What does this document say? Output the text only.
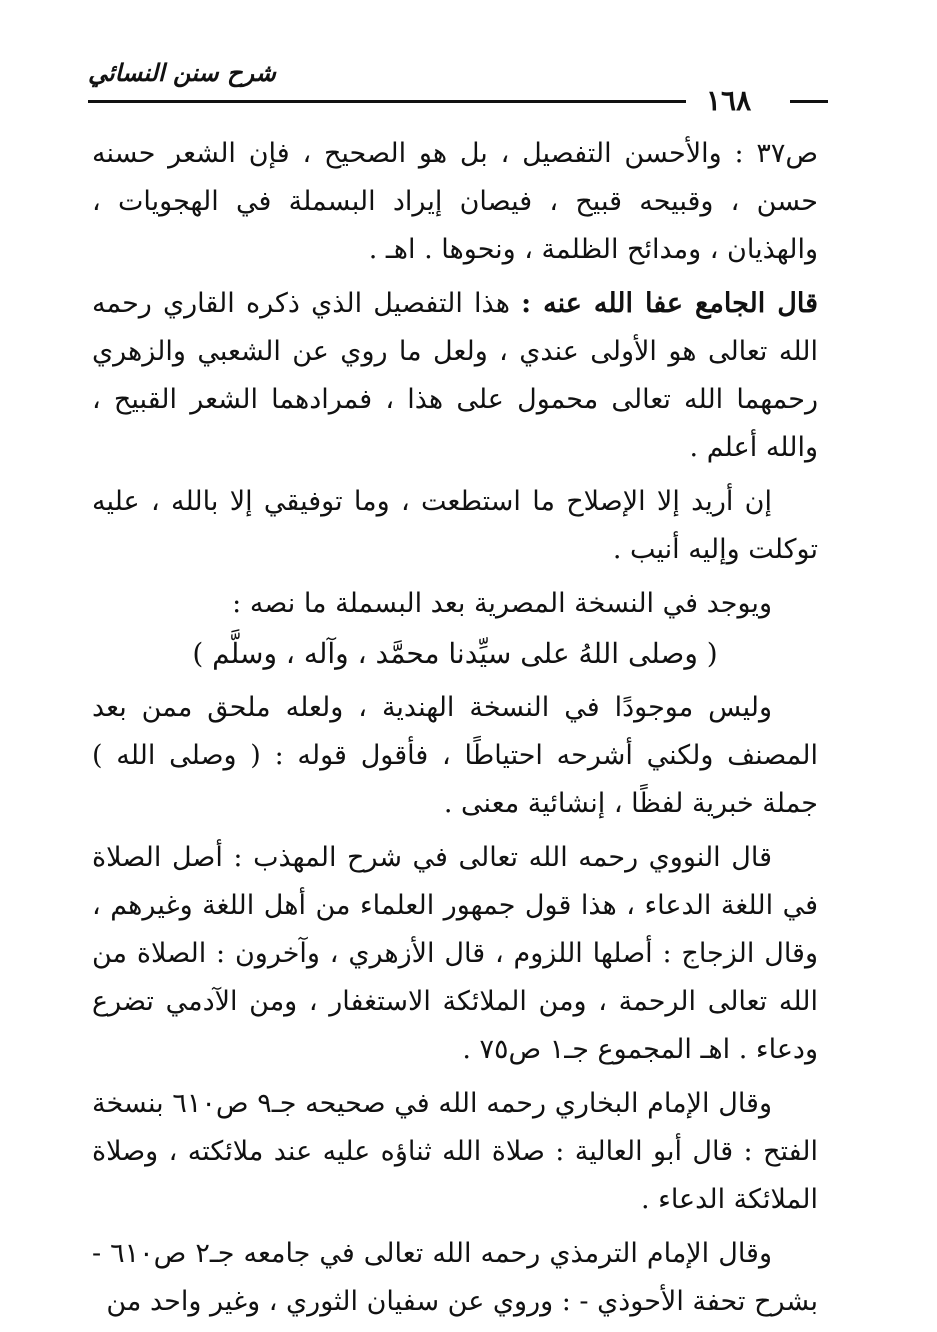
شرح سنن النسائي
١٦٨

ص٣٧ : والأحسن التفصيل ، بل هو الصحيح ، فإن الشعر حسنه حسن ، وقبيحه قبيح ، فيصان إيراد البسملة في الهجويات ، والهذيان ، ومدائح الظلمة ، ونحوها . اهـ .

قال الجامع عفا الله عنه : هذا التفصيل الذي ذكره القاري رحمه الله تعالى هو الأولى عندي ، ولعل ما روي عن الشعبي والزهري رحمهما الله تعالى محمول على هذا ، فمرادهما الشعر القبيح ، والله أعلم .

إن أريد إلا الإصلاح ما استطعت ، وما توفيقي إلا بالله ، عليه توكلت وإليه أنيب .

ويوجد في النسخة المصرية بعد البسملة ما نصه :

( وصلى اللهُ على سيِّدنا محمَّد ، وآله ، وسلَّم )

وليس موجودًا في النسخة الهندية ، ولعله ملحق ممن بعد المصنف ولكني أشرحه احتياطًا ، فأقول قوله : ( وصلى الله ) جملة خبرية لفظًا ، إنشائية معنى .

قال النووي رحمه الله تعالى في شرح المهذب : أصل الصلاة في اللغة الدعاء ، هذا قول جمهور العلماء من أهل اللغة وغيرهم ، وقال الزجاج : أصلها اللزوم ، قال الأزهري ، وآخرون : الصلاة من الله تعالى الرحمة ، ومن الملائكة الاستغفار ، ومن الآدمي تضرع ودعاء . اهـ المجموع جـ١ ص٧٥ .

وقال الإمام البخاري رحمه الله في صحيحه جـ٩ ص٦١٠ بنسخة الفتح : قال أبو العالية : صلاة الله ثناؤه عليه عند ملائكته ، وصلاة الملائكة الدعاء .

وقال الإمام الترمذي رحمه الله تعالى في جامعه جـ٢ ص٦١٠ - بشرح تحفة الأحوذي - : وروي عن سفيان الثوري ، وغير واحد من
